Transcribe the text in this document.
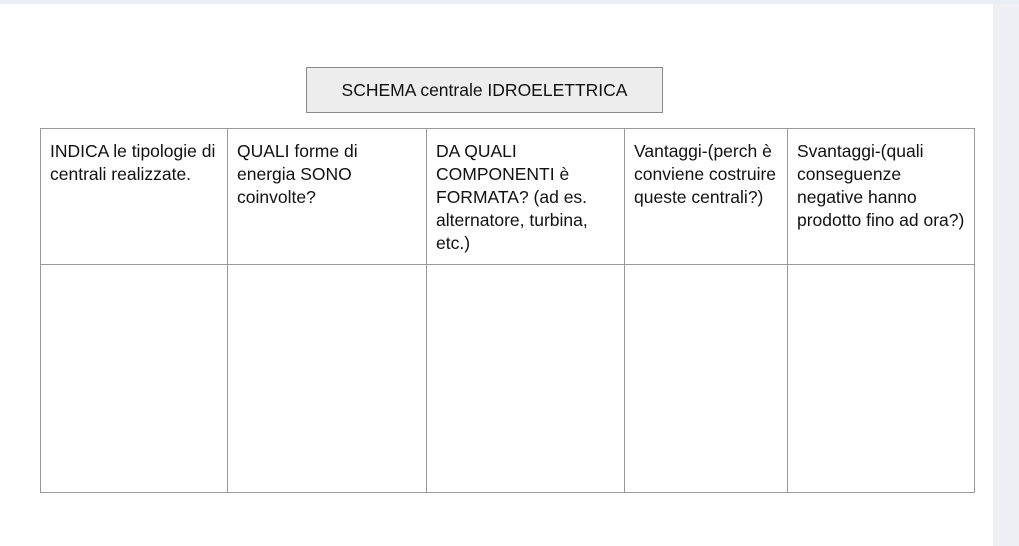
SCHEMA centrale IDROELETTRICA
INDICA le tipologie di centrali realizzate.	QUALI forme di energia SONO coinvolte?	DA QUALI COMPONENTI è FORMATA? (ad es. alternatore, turbina, etc.)	Vantaggi-(perch è conviene costruire queste centrali?)	Svantaggi-(quali conseguenze negative hanno prodotto fino ad ora?)
